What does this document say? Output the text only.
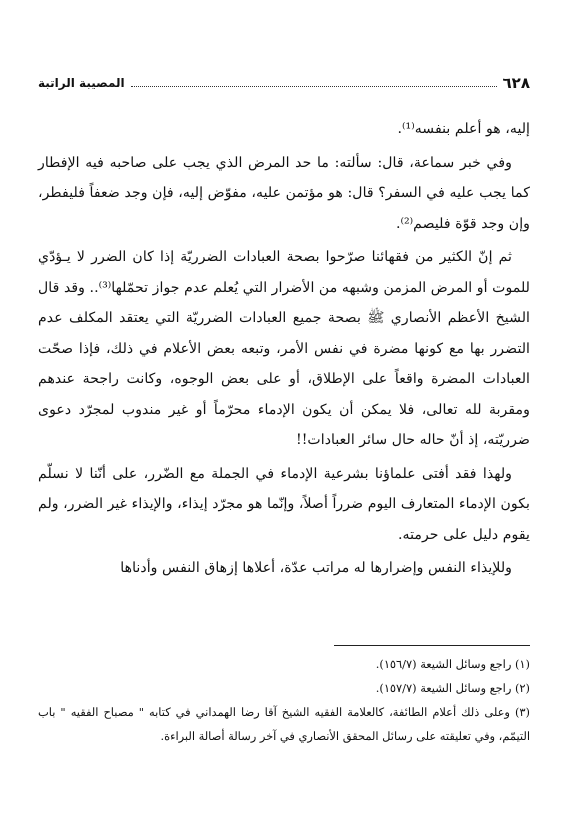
٦٢٨
المصيبة الراتبة

إليه، هو أعلم بنفسه⁽¹⁾.

وفي خبر سماعة، قال: سألته: ما حد المرض الذي يجب على صاحبه فيه الإفطار كما يجب عليه في السفر؟ قال: هو مؤتمن عليه، مفوّض إليه، فإن وجد ضعفاً فليفطر، وإن وجد قوّة فليصم⁽²⁾.

ثم إنّ الكثير من فقهائنا صرّحوا بصحة العبادات الضرريّة إذا كان الضرر لا يـؤدّي للموت أو المرض المزمن وشبهه من الأضرار التي يُعلم عدم جواز تحمّلها⁽³⁾.. وقد قال الشيخ الأعظم الأنصاري ﷺ بصحة جميع العبادات الضرريّة التي يعتقد المكلف عدم التضرر بها مع كونها مضرة في نفس الأمر، وتبعه بعض الأعلام في ذلك، فإذا صحّت العبادات المضرة واقعاً على الإطلاق، أو على بعض الوجوه، وكانت راجحة عندهم ومقربة لله تعالى، فلا يمكن أن يكون الإدماء محرّماً أو غير مندوب لمجرّد دعوى ضرريّته، إذ أنّ حاله حال سائر العبادات!!

ولهذا فقد أفتى علماؤنا بشرعية الإدماء في الجملة مع الضّرر، على أنّنا لا نسلّم بكون الإدماء المتعارف اليوم ضرراً أصلاً، وإنّما هو مجرّد إيذاء، والإيذاء غير الضرر، ولم يقوم دليل على حرمته.

وللإيذاء النفس وإضرارها له مراتب عدّة، أعلاها إزهاق النفس وأدناها

(١) راجع وسائل الشيعة (١٥٦/٧).

(٢) راجع وسائل الشيعة (١٥٧/٧).

(٣) وعلى ذلك أعلام الطائفة، كالعلامة الفقيه الشيخ آقا رضا الهمداني في كتابه " مصباح الفقيه " باب التيمّم، وفي تعليقته على رسائل المحقق الأنصاري في آخر رسالة أصالة البراءة.
